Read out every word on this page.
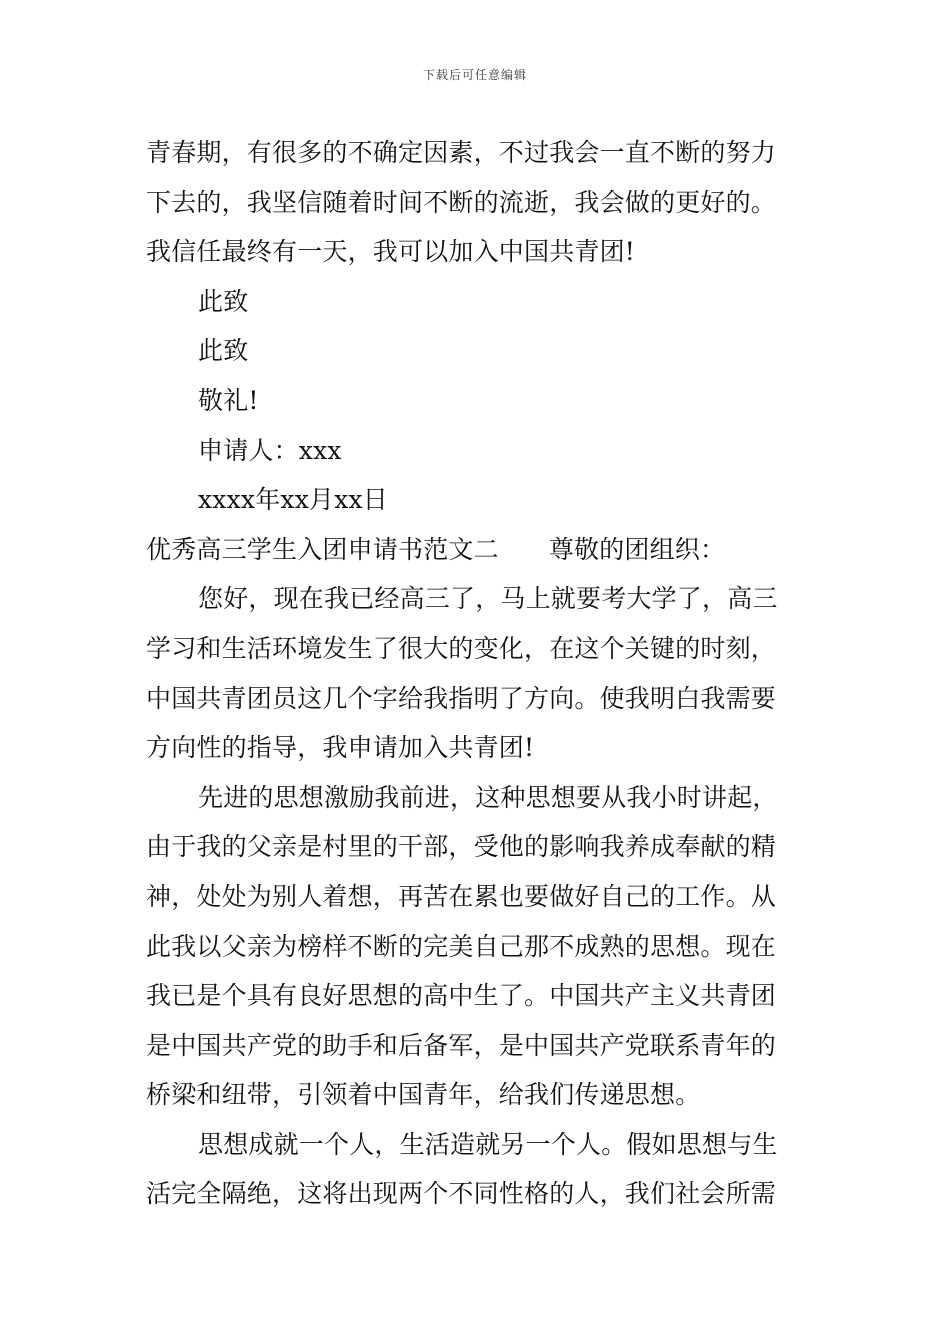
下载后可任意编辑
青春期，有很多的不确定因素，不过我会一直不断的努力
下去的，我坚信随着时间不断的流逝，我会做的更好的。
我信任最终有一天，我可以加入中国共青团!
此致
此致
敬礼!
申请人：xxx
xxxx年xx月xx日
优秀高三学生入团申请书范文二 尊敬的团组织：
您好，现在我已经高三了，马上就要考大学了，高三
学习和生活环境发生了很大的变化，在这个关键的时刻，
中国共青团员这几个字给我指明了方向。使我明白我需要
方向性的指导，我申请加入共青团!
先进的思想激励我前进，这种思想要从我小时讲起，
由于我的父亲是村里的干部，受他的影响我养成奉献的精
神，处处为别人着想，再苦在累也要做好自己的工作。从
此我以父亲为榜样不断的完美自己那不成熟的思想。现在
我已是个具有良好思想的高中生了。中国共产主义共青团
是中国共产党的助手和后备军，是中国共产党联系青年的
桥梁和纽带，引领着中国青年，给我们传递思想。
思想成就一个人，生活造就另一个人。假如思想与生
活完全隔绝，这将出现两个不同性格的人，我们社会所需
